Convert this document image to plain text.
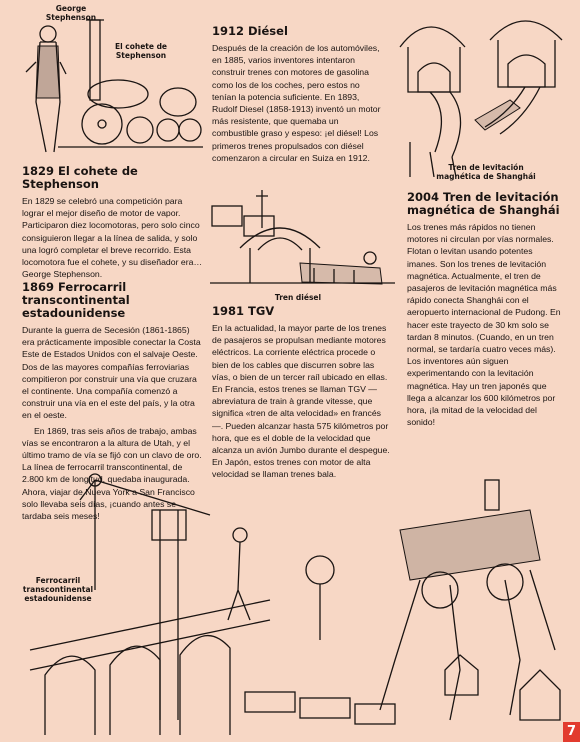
George Stephenson
El cohete de Stephenson
Tren de levitación magnética de Shanghái
Tren diésel
Ferrocarril transcontinental estadounidense
1912 Diésel

Después de la creación de los automóviles, en 1885, varios inventores intentaron construir trenes con motores de gasolina como los de los coches, pero estos no tenían la potencia suficiente. En 1893, Rudolf Diesel (1858-1913) inventó un motor más resistente, que quemaba un combustible graso y espeso: ¡el diésel! Los primeros trenes propulsados con diésel comenzaron a circular en Suiza en 1912.

1829 El cohete de Stephenson

En 1829 se celebró una competición para lograr el mejor diseño de motor de vapor. Participaron diez locomotoras, pero solo cinco consiguieron llegar a la línea de salida, y solo una logró completar el breve recorrido. Esta locomotora fue el cohete, y su diseñador era… George Stephenson.

2004 Tren de levitación magnética de Shanghái

Los trenes más rápidos no tienen motores ni circulan por vías normales. Flotan o levitan usando potentes imanes. Son los trenes de levitación magnética. Actualmente, el tren de pasajeros de levitación magnética más rápido conecta Shanghái con el aeropuerto internacional de Pudong. En hacer este trayecto de 30 km solo se tardan 8 minutos. (Cuando, en un tren normal, se tardaría cuatro veces más). Los inventores aún siguen experimentando con la levitación magnética. Hay un tren japonés que llega a alcanzar los 600 kilómetros por hora, ¡la mitad de la velocidad del sonido!

1869 Ferrocarril transcontinental estadounidense

Durante la guerra de Secesión (1861-1865) era prácticamente imposible conectar la Costa Este de Estados Unidos con el salvaje Oeste. Dos de las mayores compañías ferroviarias compitieron por construir una vía que cruzara el continente. Una compañía comenzó a construir una vía en el este del país, y la otra en el oeste.

En 1869, tras seis años de trabajo, ambas vías se encontraron a la altura de Utah, y el último tramo de vía se fijó con un clavo de oro. La línea de ferrocarril transcontinental, de 2.800 km de longitud, quedaba inaugurada. Ahora, viajar de Nueva York a San Francisco solo llevaba seis días, ¡cuando antes se tardaba seis meses!

1981 TGV

En la actualidad, la mayor parte de los trenes de pasajeros se propulsan mediante motores eléctricos. La corriente eléctrica procede o bien de los cables que discurren sobre las vías, o bien de un tercer raíl ubicado en ellas. En Francia, estos trenes se llaman TGV —abreviatura de train à grande vitesse, que significa «tren de alta velocidad» en francés—. Pueden alcanzar hasta 575 kilómetros por hora, que es el doble de la velocidad que alcanza un avión Jumbo durante el despegue. En Japón, estos trenes con motor de alta velocidad se llaman trenes bala.

7
